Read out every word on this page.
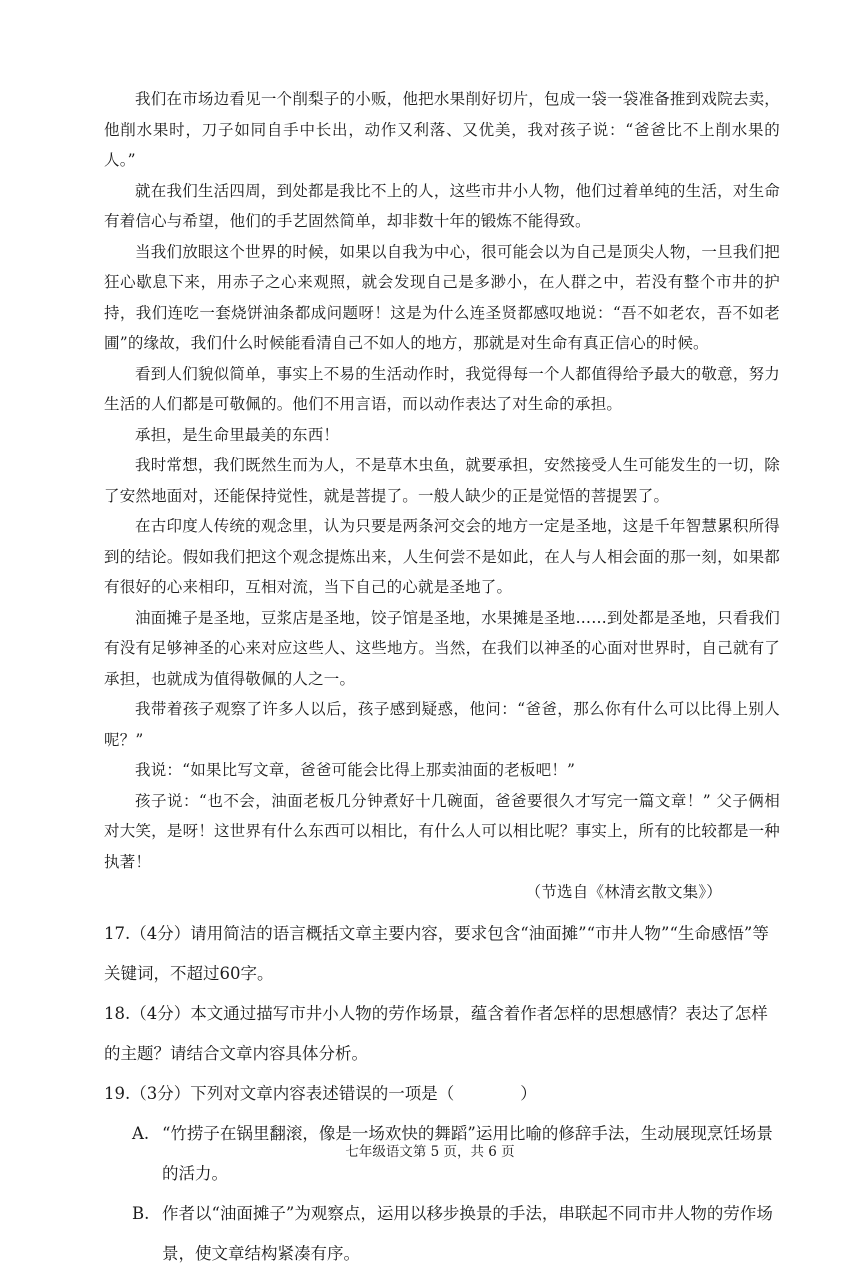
我们在市场边看见一个削梨子的小贩，他把水果削好切片，包成一袋一袋准备推到戏院去卖，他削水果时，刀子如同自手中长出，动作又利落、又优美，我对孩子说：“爸爸比不上削水果的人。”

就在我们生活四周，到处都是我比不上的人，这些市井小人物，他们过着单纯的生活，对生命有着信心与希望，他们的手艺固然简单，却非数十年的锻炼不能得致。

当我们放眼这个世界的时候，如果以自我为中心，很可能会以为自己是顶尖人物，一旦我们把狂心歇息下来，用赤子之心来观照，就会发现自己是多渺小，在人群之中，若没有整个市井的护持，我们连吃一套烧饼油条都成问题呀！这是为什么连圣贤都感叹地说：“吾不如老农，吾不如老圃”的缘故，我们什么时候能看清自己不如人的地方，那就是对生命有真正信心的时候。

看到人们貌似简单，事实上不易的生活动作时，我觉得每一个人都值得给予最大的敬意，努力生活的人们都是可敬佩的。他们不用言语，而以动作表达了对生命的承担。

承担，是生命里最美的东西！

我时常想，我们既然生而为人，不是草木虫鱼，就要承担，安然接受人生可能发生的一切，除了安然地面对，还能保持觉性，就是菩提了。一般人缺少的正是觉悟的菩提罢了。

在古印度人传统的观念里，认为只要是两条河交会的地方一定是圣地，这是千年智慧累积所得到的结论。假如我们把这个观念提炼出来，人生何尝不是如此，在人与人相会面的那一刻，如果都有很好的心来相印，互相对流，当下自己的心就是圣地了。

油面摊子是圣地，豆浆店是圣地，饺子馆是圣地，水果摊是圣地……到处都是圣地，只看我们有没有足够神圣的心来对应这些人、这些地方。当然，在我们以神圣的心面对世界时，自己就有了承担，也就成为值得敬佩的人之一。

我带着孩子观察了许多人以后，孩子感到疑惑，他问：“爸爸，那么你有什么可以比得上别人呢？”

我说：“如果比写文章，爸爸可能会比得上那卖油面的老板吧！”

孩子说：“也不会，油面老板几分钟煮好十几碗面，爸爸要很久才写完一篇文章！” 父子俩相对大笑，是呀！这世界有什么东西可以相比，有什么人可以相比呢？事实上，所有的比较都是一种执著！

（节选自《林清玄散文集》）

17.（4分）请用简洁的语言概括文章主要内容，要求包含“油面摊”“市井人物”“生命感悟”等关键词，不超过60字。

18.（4分）本文通过描写市井小人物的劳作场景，蕴含着作者怎样的思想感情？表达了怎样的主题？请结合文章内容具体分析。

19.（3分）下列对文章内容表述错误的一项是（　　　　）

A. “竹捞子在锅里翻滚，像是一场欢快的舞蹈”运用比喻的修辞手法，生动展现烹饪场景的活力。
B. 作者以“油面摊子”为观察点，运用以移步换景的手法，串联起不同市井人物的劳作场景，使文章结构紧凑有序。
七年级语文第 5 页，共 6 页
